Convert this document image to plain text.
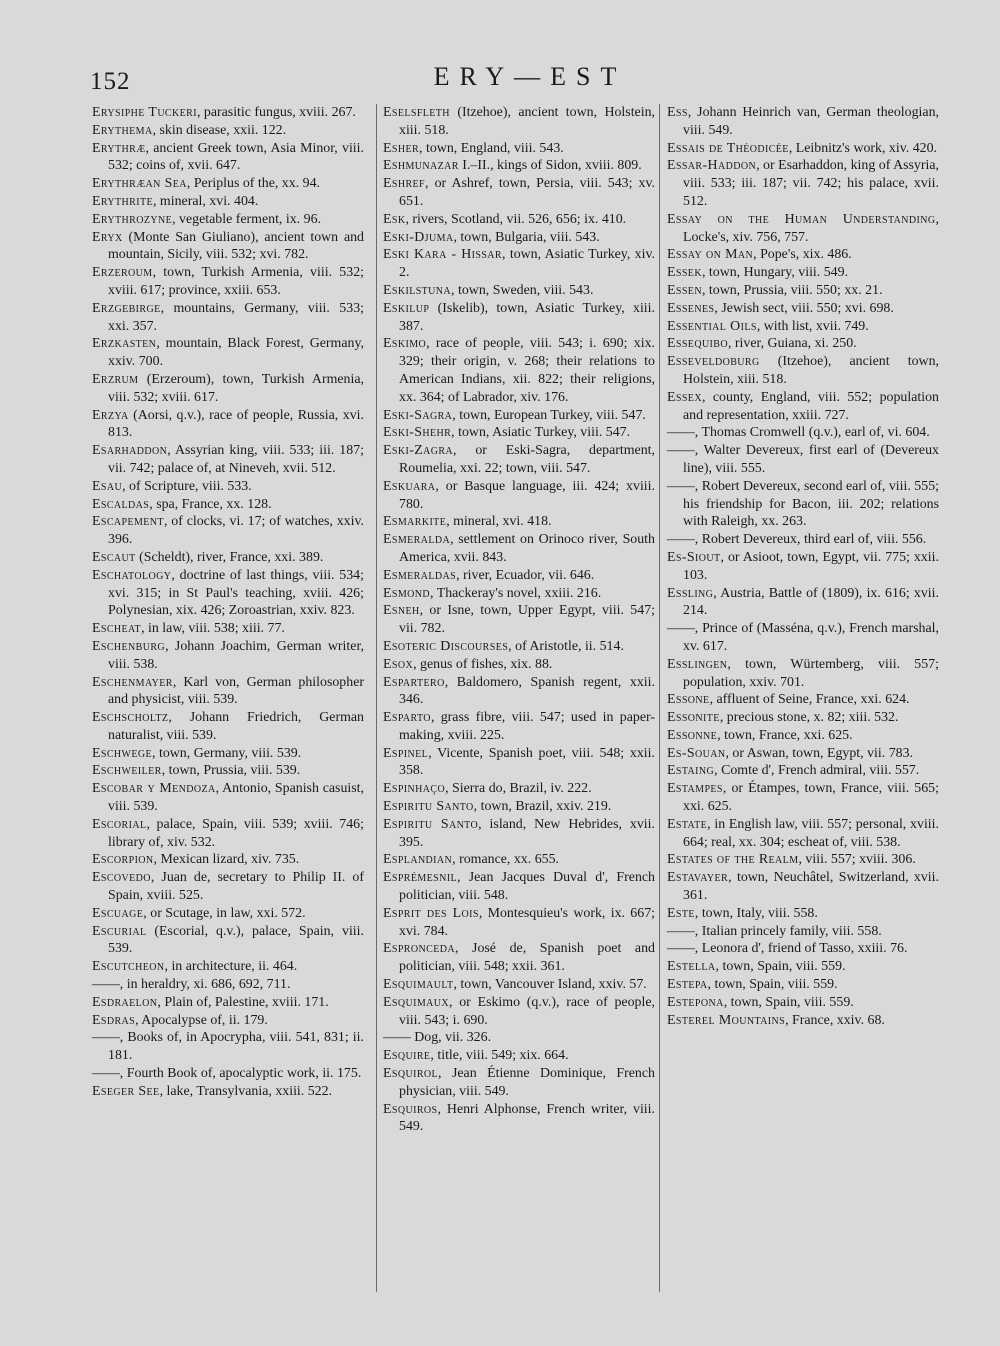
152	ERY—EST

Erysiphe Tuckeri, parasitic fungus, xviii. 267.

Erythema, skin disease, xxii. 122.

Erythræ, ancient Greek town, Asia Minor, viii. 532; coins of, xvii. 647.

Erythræan Sea, Periplus of the, xx. 94.

Erythrite, mineral, xvi. 404.

Erythrozyne, vegetable ferment, ix. 96.

Eryx (Monte San Giuliano), ancient town and mountain, Sicily, viii. 532; xvi. 782.

Erzeroum, town, Turkish Armenia, viii. 532; xviii. 617; province, xxiii. 653.

Erzgebirge, mountains, Germany, viii. 533; xxi. 357.

Erzkasten, mountain, Black Forest, Germany, xxiv. 700.

Erzrum (Erzeroum), town, Turkish Armenia, viii. 532; xviii. 617.

Erzya (Aorsi, q.v.), race of people, Russia, xvi. 813.

Esarhaddon, Assyrian king, viii. 533; iii. 187; vii. 742; palace of, at Nineveh, xvii. 512.

Esau, of Scripture, viii. 533.

Escaldas, spa, France, xx. 128.

Escapement, of clocks, vi. 17; of watches, xxiv. 396.

Escaut (Scheldt), river, France, xxi. 389.

Eschatology, doctrine of last things, viii. 534; xvi. 315; in St Paul's teaching, xviii. 426; Polynesian, xix. 426; Zoroastrian, xxiv. 823.

Escheat, in law, viii. 538; xiii. 77.

Eschenburg, Johann Joachim, German writer, viii. 538.

Eschenmayer, Karl von, German philosopher and physicist, viii. 539.

Eschscholtz, Johann Friedrich, German naturalist, viii. 539.

Eschwege, town, Germany, viii. 539.

Eschweiler, town, Prussia, viii. 539.

Escobar y Mendoza, Antonio, Spanish casuist, viii. 539.

Escorial, palace, Spain, viii. 539; xviii. 746; library of, xiv. 532.

Escorpion, Mexican lizard, xiv. 735.

Escovedo, Juan de, secretary to Philip II. of Spain, xviii. 525.

Escuage, or Scutage, in law, xxi. 572.

Escurial (Escorial, q.v.), palace, Spain, viii. 539.

Escutcheon, in architecture, ii. 464.

——, in heraldry, xi. 686, 692, 711.

Esdraelon, Plain of, Palestine, xviii. 171.

Esdras, Apocalypse of, ii. 179.

——, Books of, in Apocrypha, viii. 541, 831; ii. 181.

——, Fourth Book of, apocalyptic work, ii. 175.

Eseger See, lake, Transylvania, xxiii. 522.

Eselsfleth (Itzehoe), ancient town, Holstein, xiii. 518.

Esher, town, England, viii. 543.

Eshmunazar I.–II., kings of Sidon, xviii. 809.

Eshref, or Ashref, town, Persia, viii. 543; xv. 651.

Esk, rivers, Scotland, vii. 526, 656; ix. 410.

Eski-Djuma, town, Bulgaria, viii. 543.

Eski Kara - Hissar, town, Asiatic Turkey, xiv. 2.

Eskilstuna, town, Sweden, viii. 543.

Eskilup (Iskelib), town, Asiatic Turkey, xiii. 387.

Eskimo, race of people, viii. 543; i. 690; xix. 329; their origin, v. 268; their relations to American Indians, xii. 822; their religions, xx. 364; of Labrador, xiv. 176.

Eski-Sagra, town, European Turkey, viii. 547.

Eski-Shehr, town, Asiatic Turkey, viii. 547.

Eski-Zagra, or Eski-Sagra, department, Roumelia, xxi. 22; town, viii. 547.

Eskuara, or Basque language, iii. 424; xviii. 780.

Esmarkite, mineral, xvi. 418.

Esmeralda, settlement on Orinoco river, South America, xvii. 843.

Esmeraldas, river, Ecuador, vii. 646.

Esmond, Thackeray's novel, xxiii. 216.

Esneh, or Isne, town, Upper Egypt, viii. 547; vii. 782.

Esoteric Discourses, of Aristotle, ii. 514.

Esox, genus of fishes, xix. 88.

Espartero, Baldomero, Spanish regent, xxii. 346.

Esparto, grass fibre, viii. 547; used in paper-making, xviii. 225.

Espinel, Vicente, Spanish poet, viii. 548; xxii. 358.

Espinhaço, Sierra do, Brazil, iv. 222.

Espiritu Santo, town, Brazil, xxiv. 219.

Espiritu Santo, island, New Hebrides, xvii. 395.

Esplandian, romance, xx. 655.

Esprémesnil, Jean Jacques Duval d', French politician, viii. 548.

Esprit des Lois, Montesquieu's work, ix. 667; xvi. 784.

Espronceda, José de, Spanish poet and politician, viii. 548; xxii. 361.

Esquimault, town, Vancouver Island, xxiv. 57.

Esquimaux, or Eskimo (q.v.), race of people, viii. 543; i. 690.

—— Dog, vii. 326.

Esquire, title, viii. 549; xix. 664.

Esquirol, Jean Étienne Dominique, French physician, viii. 549.

Esquiros, Henri Alphonse, French writer, viii. 549.

Ess, Johann Heinrich van, German theologian, viii. 549.

Essais de Théodicée, Leibnitz's work, xiv. 420.

Essar-Haddon, or Esarhaddon, king of Assyria, viii. 533; iii. 187; vii. 742; his palace, xvii. 512.

Essay on the Human Understanding, Locke's, xiv. 756, 757.

Essay on Man, Pope's, xix. 486.

Essek, town, Hungary, viii. 549.

Essen, town, Prussia, viii. 550; xx. 21.

Essenes, Jewish sect, viii. 550; xvi. 698.

Essential Oils, with list, xvii. 749.

Essequibo, river, Guiana, xi. 250.

Esseveldoburg (Itzehoe), ancient town, Holstein, xiii. 518.

Essex, county, England, viii. 552; population and representation, xxiii. 727.

——, Thomas Cromwell (q.v.), earl of, vi. 604.

——, Walter Devereux, first earl of (Devereux line), viii. 555.

——, Robert Devereux, second earl of, viii. 555; his friendship for Bacon, iii. 202; relations with Raleigh, xx. 263.

——, Robert Devereux, third earl of, viii. 556.

Es-Siout, or Asioot, town, Egypt, vii. 775; xxii. 103.

Essling, Austria, Battle of (1809), ix. 616; xvii. 214.

——, Prince of (Masséna, q.v.), French marshal, xv. 617.

Esslingen, town, Würtemberg, viii. 557; population, xxiv. 701.

Essone, affluent of Seine, France, xxi. 624.

Essonite, precious stone, x. 82; xiii. 532.

Essonne, town, France, xxi. 625.

Es-Souan, or Aswan, town, Egypt, vii. 783.

Estaing, Comte d', French admiral, viii. 557.

Estampes, or Étampes, town, France, viii. 565; xxi. 625.

Estate, in English law, viii. 557; personal, xviii. 664; real, xx. 304; escheat of, viii. 538.

Estates of the Realm, viii. 557; xviii. 306.

Estavayer, town, Neuchâtel, Switzerland, xvii. 361.

Este, town, Italy, viii. 558.

——, Italian princely family, viii. 558.

——, Leonora d', friend of Tasso, xxiii. 76.

Estella, town, Spain, viii. 559.

Estepa, town, Spain, viii. 559.

Estepona, town, Spain, viii. 559.

Esterel Mountains, France, xxiv. 68.
